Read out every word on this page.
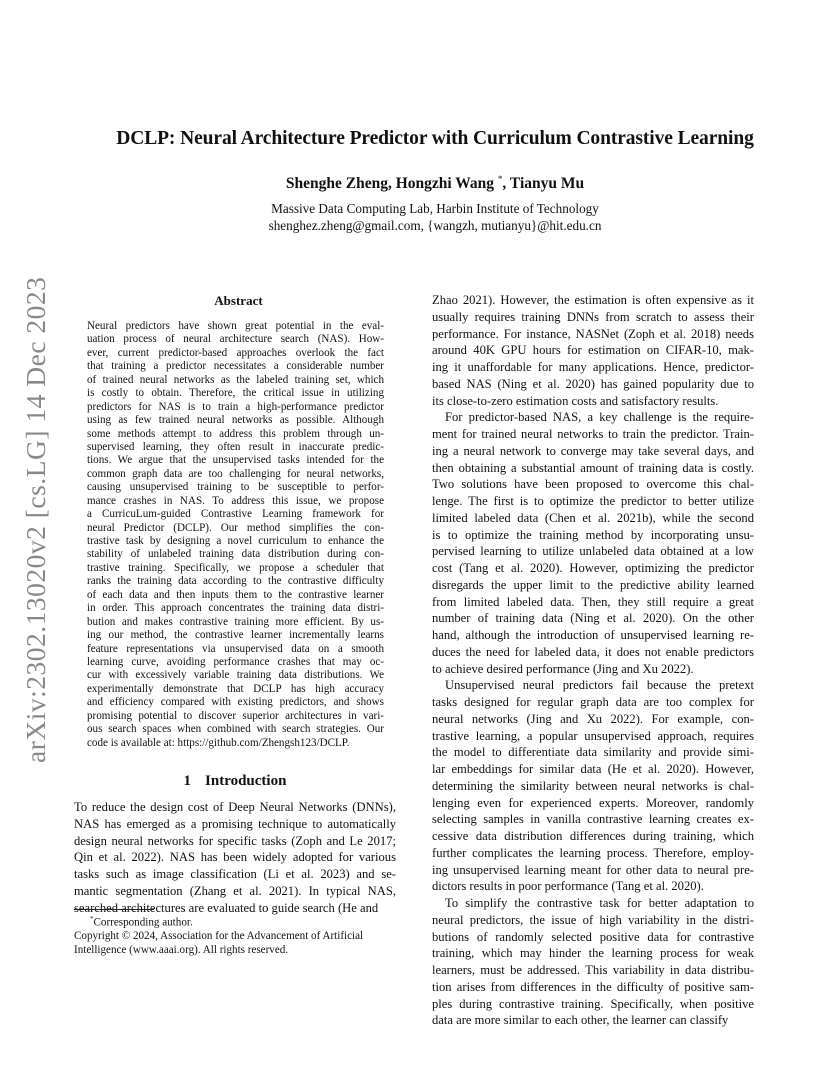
arXiv:2302.13020v2 [cs.LG] 14 Dec 2023
DCLP: Neural Architecture Predictor with Curriculum Contrastive Learning
Shenghe Zheng, Hongzhi Wang *, Tianyu Mu
Massive Data Computing Lab, Harbin Institute of Technology
shenghez.zheng@gmail.com, {wangzh, mutianyu}@hit.edu.cn
Abstract
Neural predictors have shown great potential in the eval-
uation process of neural architecture search (NAS). How-
ever, current predictor-based approaches overlook the fact
that training a predictor necessitates a considerable number
of trained neural networks as the labeled training set, which
is costly to obtain. Therefore, the critical issue in utilizing
predictors for NAS is to train a high-performance predictor
using as few trained neural networks as possible. Although
some methods attempt to address this problem through un-
supervised learning, they often result in inaccurate predic-
tions. We argue that the unsupervised tasks intended for the
common graph data are too challenging for neural networks,
causing unsupervised training to be susceptible to perfor-
mance crashes in NAS. To address this issue, we propose
a CurricuLum-guided Contrastive Learning framework for
neural Predictor (DCLP). Our method simplifies the con-
trastive task by designing a novel curriculum to enhance the
stability of unlabeled training data distribution during con-
trastive training. Specifically, we propose a scheduler that
ranks the training data according to the contrastive difficulty
of each data and then inputs them to the contrastive learner
in order. This approach concentrates the training data distri-
bution and makes contrastive training more efficient. By us-
ing our method, the contrastive learner incrementally learns
feature representations via unsupervised data on a smooth
learning curve, avoiding performance crashes that may oc-
cur with excessively variable training data distributions. We
experimentally demonstrate that DCLP has high accuracy
and efficiency compared with existing predictors, and shows
promising potential to discover superior architectures in vari-
ous search spaces when combined with search strategies. Our
code is available at: https://github.com/Zhengsh123/DCLP.
1 Introduction
To reduce the design cost of Deep Neural Networks (DNNs),
NAS has emerged as a promising technique to automatically
design neural networks for specific tasks (Zoph and Le 2017;
Qin et al. 2022). NAS has been widely adopted for various
tasks such as image classification (Li et al. 2023) and se-
mantic segmentation (Zhang et al. 2021). In typical NAS,
searched architectures are evaluated to guide search (He and
Zhao 2021). However, the estimation is often expensive as it
usually requires training DNNs from scratch to assess their
performance. For instance, NASNet (Zoph et al. 2018) needs
around 40K GPU hours for estimation on CIFAR-10, mak-
ing it unaffordable for many applications. Hence, predictor-
based NAS (Ning et al. 2020) has gained popularity due to
its close-to-zero estimation costs and satisfactory results.
For predictor-based NAS, a key challenge is the require-
ment for trained neural networks to train the predictor. Train-
ing a neural network to converge may take several days, and
then obtaining a substantial amount of training data is costly.
Two solutions have been proposed to overcome this chal-
lenge. The first is to optimize the predictor to better utilize
limited labeled data (Chen et al. 2021b), while the second
is to optimize the training method by incorporating unsu-
pervised learning to utilize unlabeled data obtained at a low
cost (Tang et al. 2020). However, optimizing the predictor
disregards the upper limit to the predictive ability learned
from limited labeled data. Then, they still require a great
number of training data (Ning et al. 2020). On the other
hand, although the introduction of unsupervised learning re-
duces the need for labeled data, it does not enable predictors
to achieve desired performance (Jing and Xu 2022).
Unsupervised neural predictors fail because the pretext
tasks designed for regular graph data are too complex for
neural networks (Jing and Xu 2022). For example, con-
trastive learning, a popular unsupervised approach, requires
the model to differentiate data similarity and provide simi-
lar embeddings for similar data (He et al. 2020). However,
determining the similarity between neural networks is chal-
lenging even for experienced experts. Moreover, randomly
selecting samples in vanilla contrastive learning creates ex-
cessive data distribution differences during training, which
further complicates the learning process. Therefore, employ-
ing unsupervised learning meant for other data to neural pre-
dictors results in poor performance (Tang et al. 2020).
To simplify the contrastive task for better adaptation to
neural predictors, the issue of high variability in the distri-
butions of randomly selected positive data for contrastive
training, which may hinder the learning process for weak
learners, must be addressed. This variability in data distribu-
tion arises from differences in the difficulty of positive sam-
ples during contrastive training. Specifically, when positive
data are more similar to each other, the learner can classify
*Corresponding author.
Copyright © 2024, Association for the Advancement of Artificial
Intelligence (www.aaai.org). All rights reserved.
